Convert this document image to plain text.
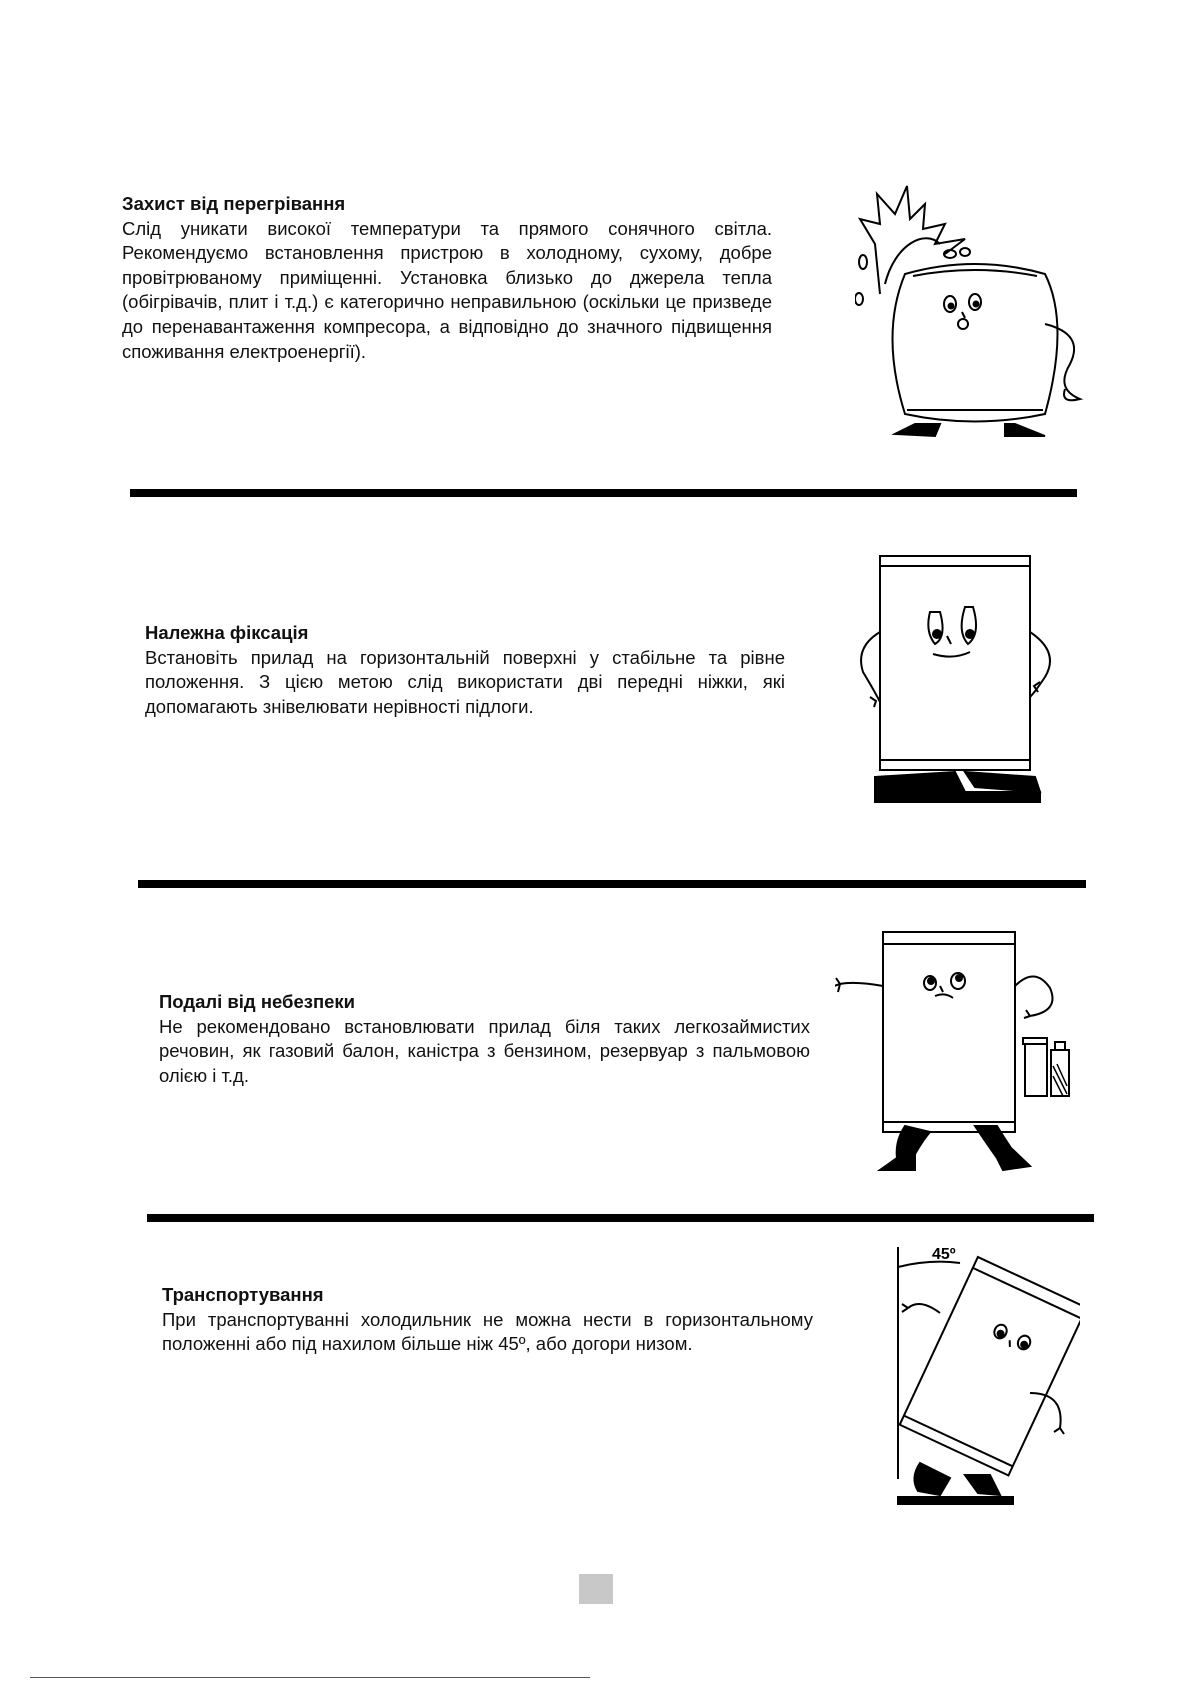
Захист від перегрівання

Слід уникати високої температури та прямого сонячного світла. Рекомендуємо встановлення пристрою в холодному, сухому, добре провітрюваному приміщенні. Установка близько до джерела тепла (обігрівачів, плит і т.д.) є категорично неправильною (оскільки це призведе до перенавантаження компресора, а відповідно до значного підвищення споживання електроенергії).

Належна фіксація

Встановіть прилад на горизонтальній поверхні у стабільне та рівне положення. З цією метою слід використати дві передні ніжки, які допомагають знівелювати нерівності підлоги.

Подалі від небезпеки

Не рекомендовано встановлювати прилад біля таких легкозаймистих речовин, як газовий балон, каністра з бензином, резервуар з пальмовою олією і т.д.

Транспортування

При транспортуванні холодильник не можна нести в горизонтальному положенні або під нахилом більше ніж 45º, або догори низом.

45º
